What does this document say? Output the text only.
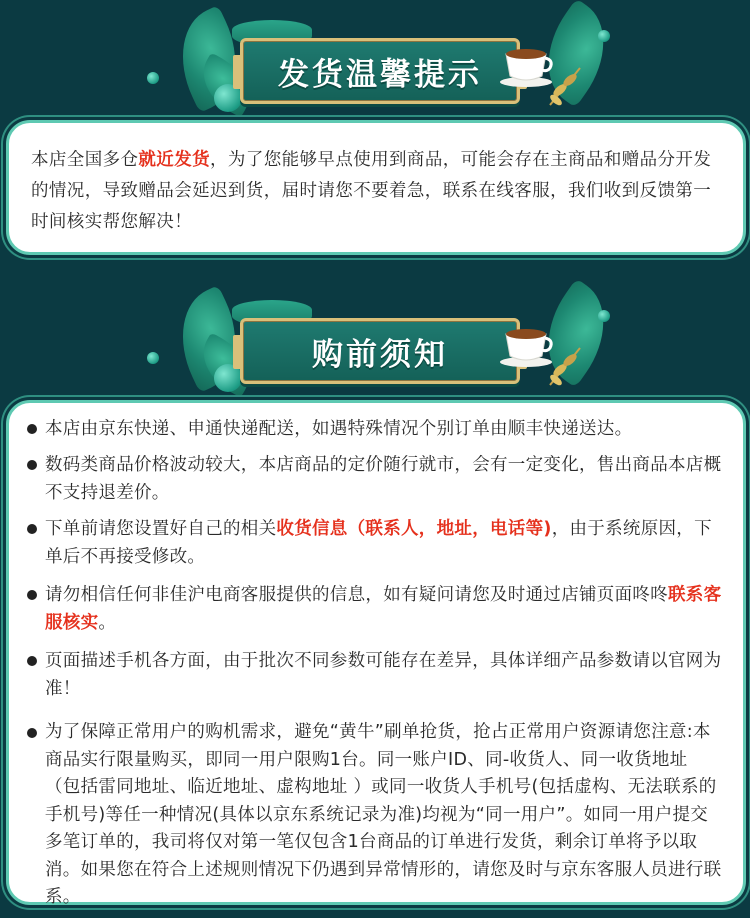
发货温馨提示

本店全国多仓就近发货，为了您能够早点使用到商品，可能会存在主商品和赠品分开发的情况，导致赠品会延迟到货，届时请您不要着急，联系在线客服，我们收到反馈第一时间核实帮您解决！

购前须知
本店由京东快递、申通快递配送，如遇特殊情况个别订单由顺丰快递送达。
数码类商品价格波动较大，本店商品的定价随行就市，会有一定变化，售出商品本店概不支持退差价。
下单前请您设置好自己的相关收货信息（联系人，地址，电话等)，由于系统原因，下单后不再接受修改。
请勿相信任何非佳沪电商客服提供的信息，如有疑问请您及时通过店铺页面咚咚联系客服核实。
页面描述手机各方面，由于批次不同参数可能存在差异，具体详细产品参数请以官网为准！
为了保障正常用户的购机需求，避免“黄牛”刷单抢货，抢占正常用户资源请您注意:本商品实行限量购买，即同一用户限购1台。同一账户ID、同-收货人、同一收货地址（包括雷同地址、临近地址、虚构地址 ）或同一收货人手机号(包括虚构、无法联系的手机号)等任一种情况(具体以京东系统记录为准)均视为“同一用户”。如同一用户提交多笔订单的，我司将仅对第一笔仅包含1台商品的订单进行发货，剩余订单将予以取消。如果您在符合上述规则情况下仍遇到异常情形的，请您及时与京东客服人员进行联系。
